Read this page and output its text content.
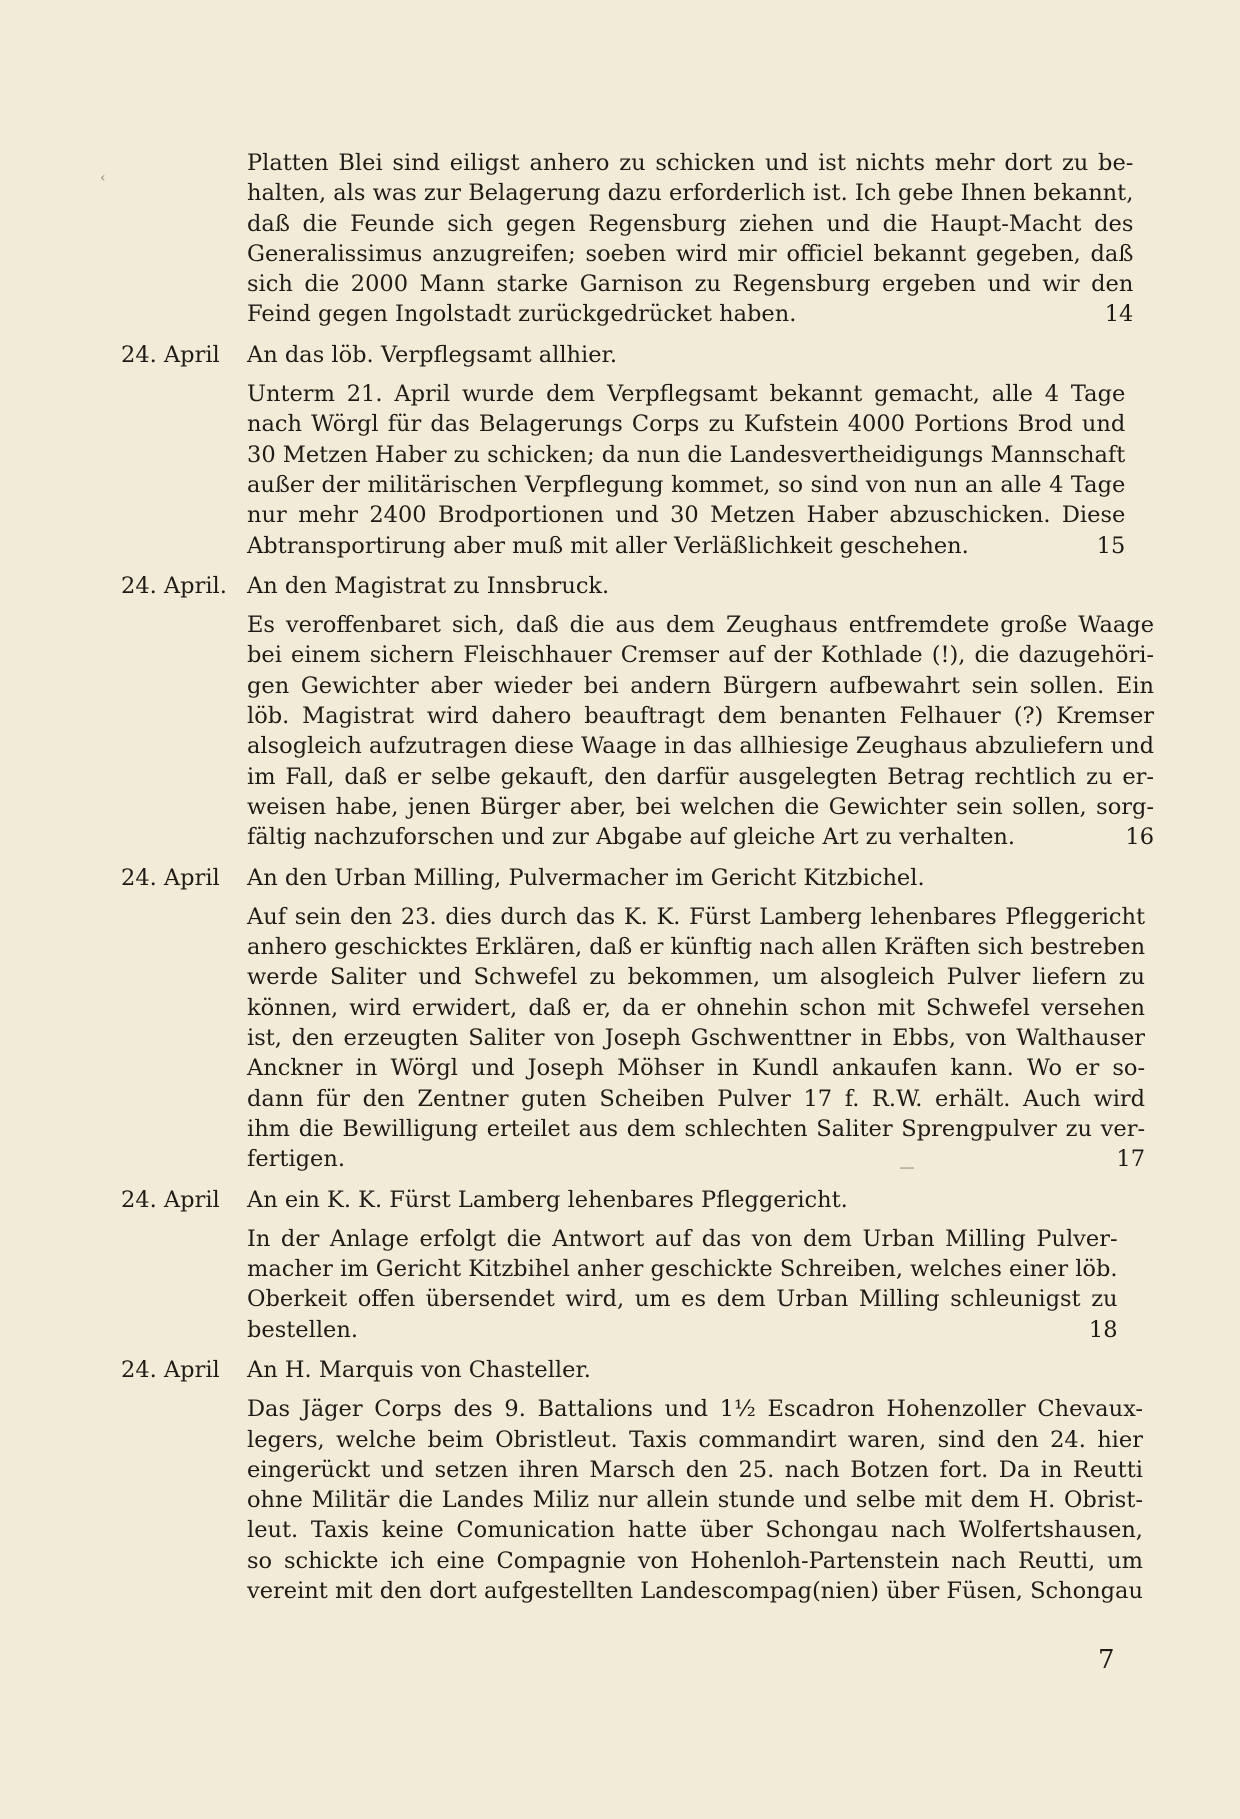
Platten Blei sind eiligst anhero zu schicken und ist nichts mehr dort zu be-
halten, als was zur Belagerung dazu erforderlich ist. Ich gebe Ihnen bekannt,
daß die Feunde sich gegen Regensburg ziehen und die Haupt-Macht des
Generalissimus anzugreifen; soeben wird mir officiel bekannt gegeben, daß
sich die 2000 Mann starke Garnison zu Regensburg ergeben und wir den
Feind gegen Ingolstadt zurückgedrücket haben.	14
24. April	An das löb. Verpflegsamt allhier.
Unterm 21. April wurde dem Verpflegsamt bekannt gemacht, alle 4 Tage
nach Wörgl für das Belagerungs Corps zu Kufstein 4000 Portions Brod und
30 Metzen Haber zu schicken; da nun die Landesvertheidigungs Mannschaft
außer der militärischen Verpflegung kommet, so sind von nun an alle 4 Tage
nur mehr 2400 Brodportionen und 30 Metzen Haber abzuschicken. Diese
Abtransportirung aber muß mit aller Verläßlichkeit geschehen.	15
24. April. An den Magistrat zu Innsbruck.
Es veroffenbaret sich, daß die aus dem Zeughaus entfremdete große Waage
bei einem sichern Fleischhauer Cremser auf der Kothlade (!), die dazugehöri-
gen Gewichter aber wieder bei andern Bürgern aufbewahrt sein sollen. Ein
löb. Magistrat wird dahero beauftragt dem benanten Felhauer (?) Kremser
alsogleich aufzutragen diese Waage in das allhiesige Zeughaus abzuliefern und
im Fall, daß er selbe gekauft, den darfür ausgelegten Betrag rechtlich zu er-
weisen habe, jenen Bürger aber, bei welchen die Gewichter sein sollen, sorg-
fältig nachzuforschen und zur Abgabe auf gleiche Art zu verhalten.	16
24. April	An den Urban Milling, Pulvermacher im Gericht Kitzbichel.
Auf sein den 23. dies durch das K. K. Fürst Lamberg lehenbares Pfleggericht
anhero geschicktes Erklären, daß er künftig nach allen Kräften sich bestreben
werde Saliter und Schwefel zu bekommen, um alsogleich Pulver liefern zu
können, wird erwidert, daß er, da er ohnehin schon mit Schwefel versehen
ist, den erzeugten Saliter von Joseph Gschwenttner in Ebbs, von Walthauser
Anckner in Wörgl und Joseph Möhser in Kundl ankaufen kann. Wo er so-
dann für den Zentner guten Scheiben Pulver 17 f. R.W. erhält. Auch wird
ihm die Bewilligung erteilet aus dem schlechten Saliter Sprengpulver zu ver-
fertigen.	17
24. April	An ein K. K. Fürst Lamberg lehenbares Pfleggericht.
In der Anlage erfolgt die Antwort auf das von dem Urban Milling Pulver-
macher im Gericht Kitzbihel anher geschickte Schreiben, welches einer löb.
Oberkeit offen übersendet wird, um es dem Urban Milling schleunigst zu
bestellen.	18
24. April	An H. Marquis von Chasteller.
Das Jäger Corps des 9. Battalions und 1½ Escadron Hohenzoller Chevaux-
legers, welche beim Obristleut. Taxis commandirt waren, sind den 24. hier
eingerückt und setzen ihren Marsch den 25. nach Botzen fort. Da in Reutti
ohne Militär die Landes Miliz nur allein stunde und selbe mit dem H. Obrist-
leut. Taxis keine Comunication hatte über Schongau nach Wolfertshausen,
so schickte ich eine Compagnie von Hohenloh-Partenstein nach Reutti, um
vereint mit den dort aufgestellten Landescompag(nien) über Füsen, Schongau
7
‹
―
